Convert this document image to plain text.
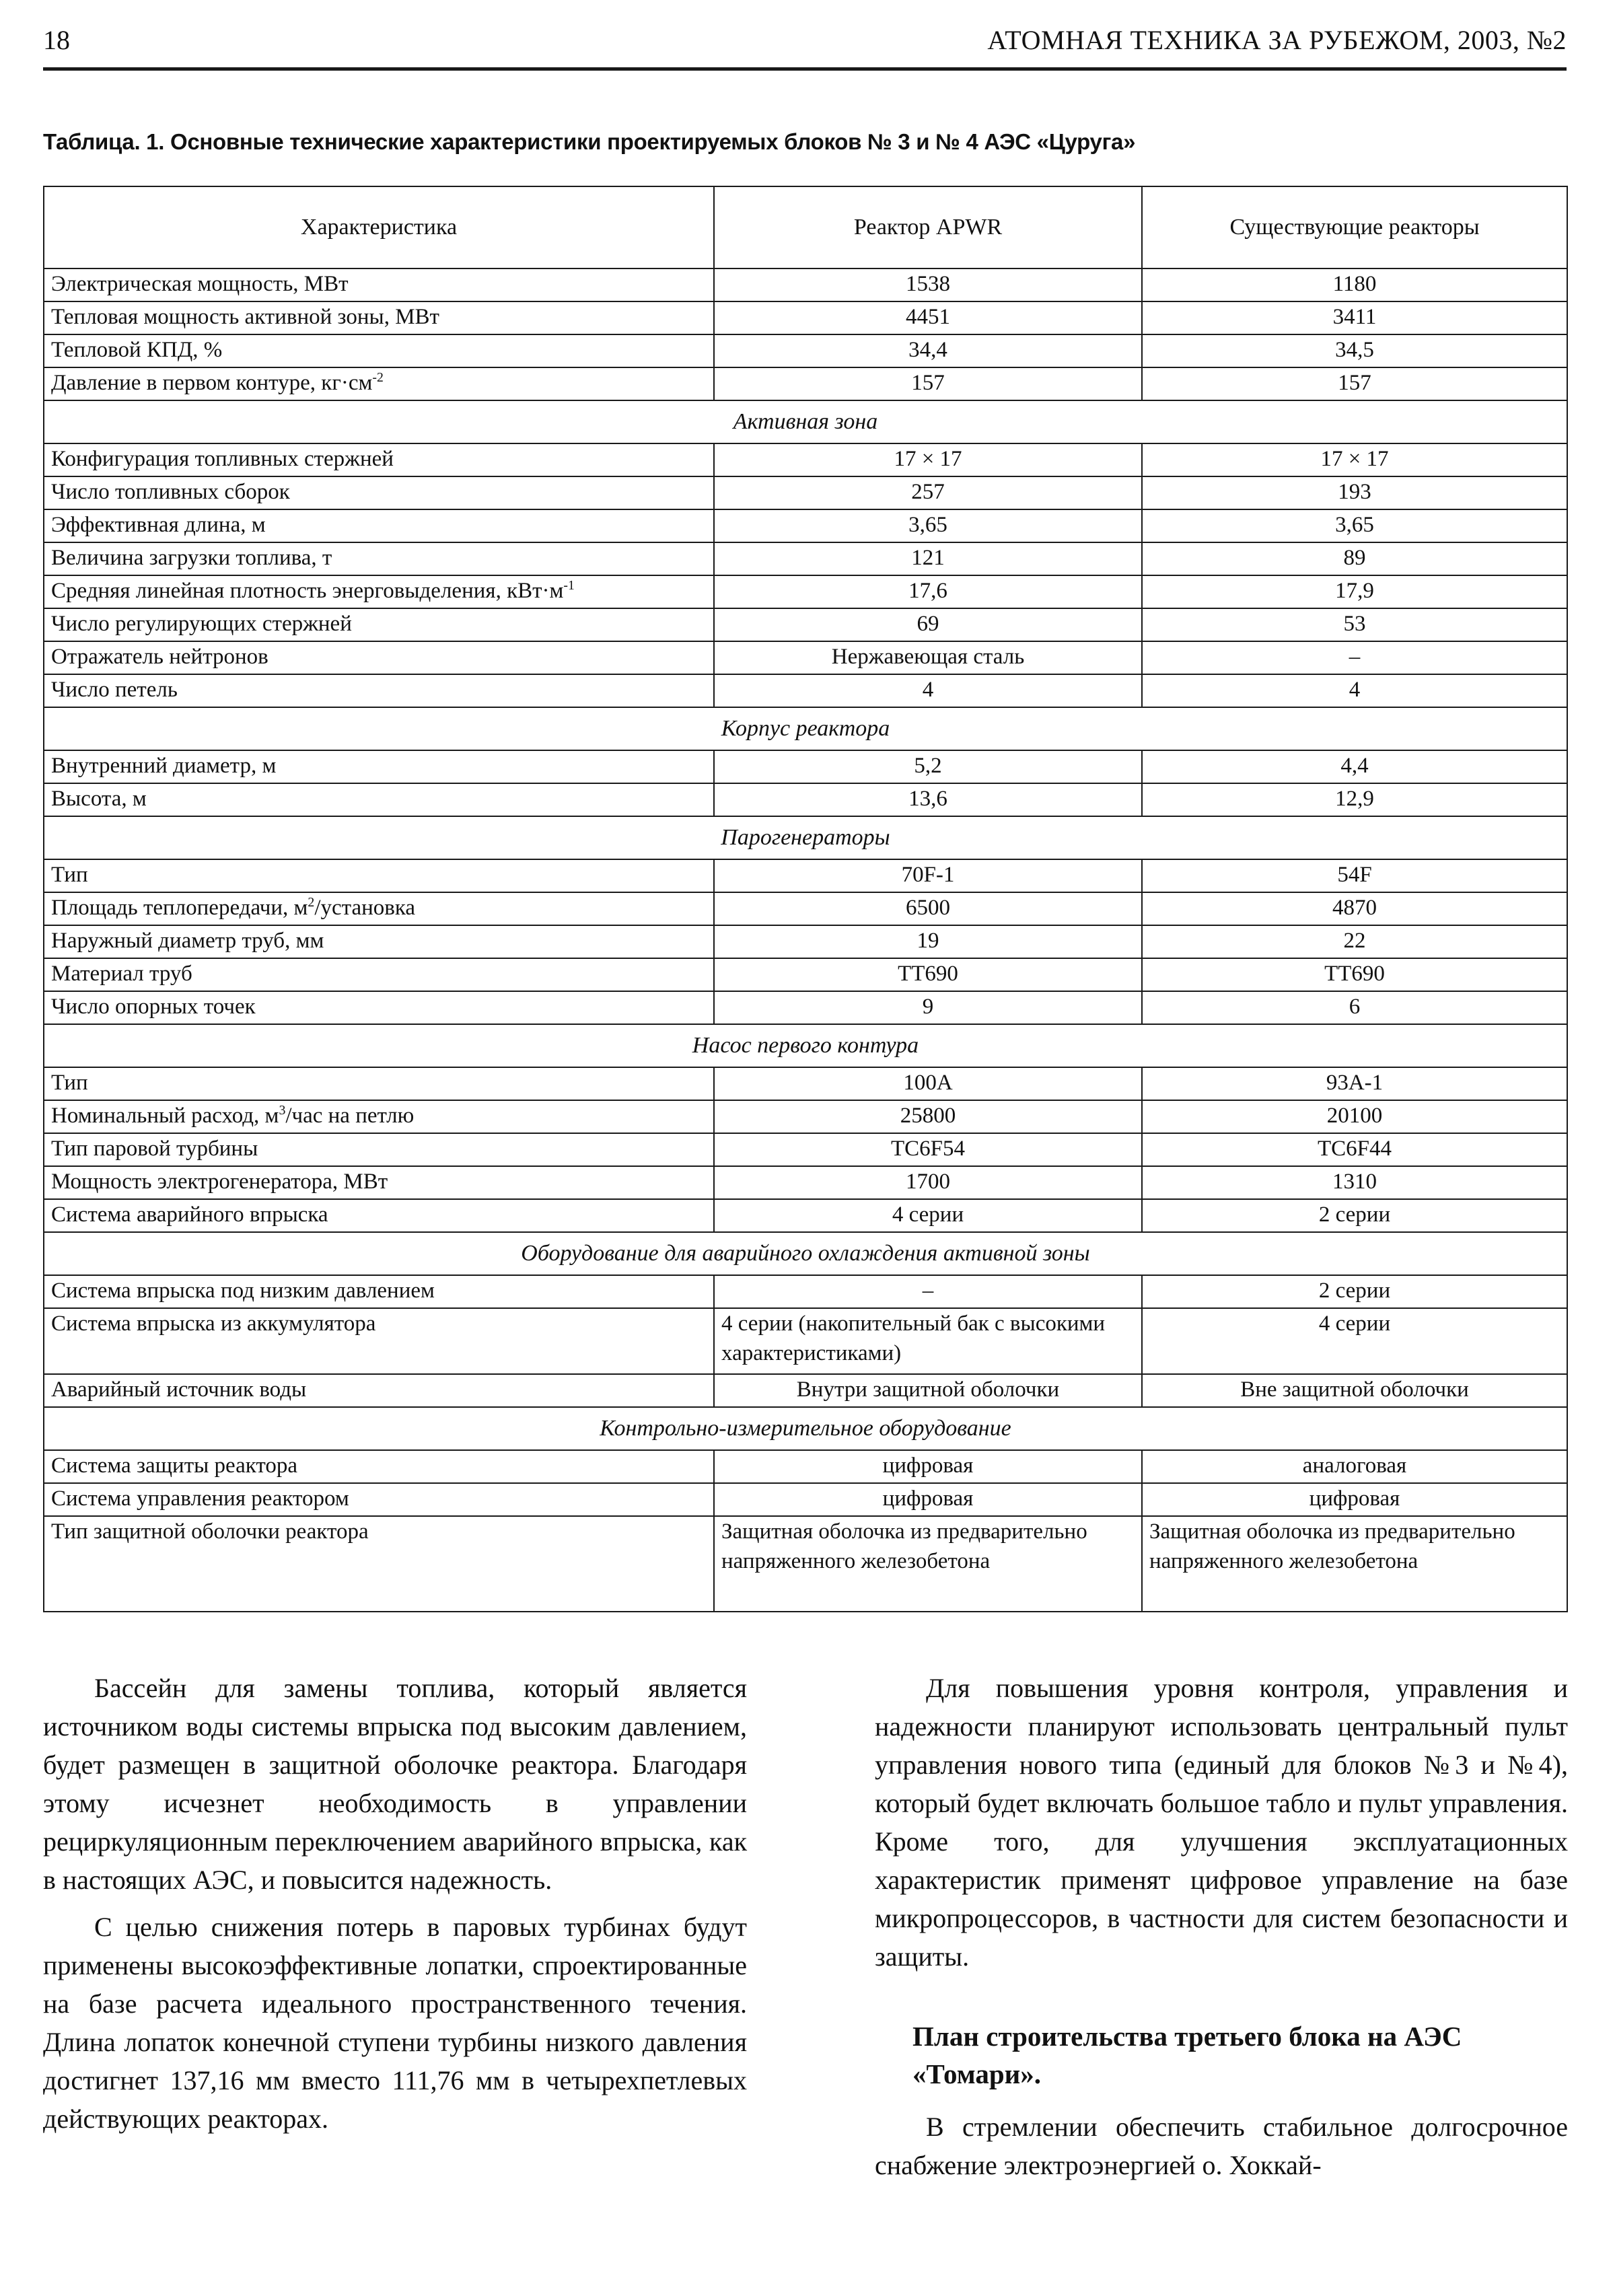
18	АТОМНАЯ ТЕХНИКА ЗА РУБЕЖОМ, 2003, №2
Таблица. 1. Основные технические характеристики проектируемых блоков № 3 и № 4 АЭС «Цуруга»
Характеристика	Реактор APWR	Существующие реакторы
Электрическая мощность, МВт	1538	1180
Тепловая мощность активной зоны, МВт	4451	3411
Тепловой КПД, %	34,4	34,5
Давление в первом контуре, $кг\cdot см^{-2}$	157	157
Активная зона		
Конфигурация топливных стержней	17 × 17	17 × 17
Число топливных сборок	257	193
Эффективная длина, м	3,65	3,65
Величина загрузки топлива, т	121	89
Средняя линейная плотность энерговыделения, $кВт\cdot м^{-1}$	17,6	17,9
Число регулирующих стержней	69	53
Отражатель нейтронов	Нержавеющая сталь	–
Число петель	4	4
Корпус реактора		
Внутренний диаметр, м	5,2	4,4
Высота, м	13,6	12,9
Парогенераторы		
Тип	70F-1	54F
Площадь теплопередачи, $м^2$/установка	6500	4870
Наружный диаметр труб, мм	19	22
Материал труб	TT690	TT690
Число опорных точек	9	6
Насос первого контура		
Тип	100A	93A-1
Номинальный расход, $м^3$/час на петлю	25800	20100
Тип паровой турбины	TC6F54	TC6F44
Мощность электрогенератора, МВт	1700	1310
Система аварийного впрыска	4 серии	2 серии
Оборудование для аварийного охлаждения активной зоны		
Система впрыска под низким давлением	–	2 серии
Система впрыска из аккумулятора	4 серии (накопительный бак с высокими характеристиками)	4 серии
Аварийный источник воды	Внутри защитной оболочки	Вне защитной оболочки
Контрольно-измерительное оборудование		
Система защиты реактора	цифровая	аналоговая
Система управления реактором	цифровая	цифровая
Тип защитной оболочки реактора	Защитная оболочка из предварительно напряженного железобетона	Защитная оболочка из предварительно напряженного железобетона

Бассейн для замены топлива, который является источником воды системы впрыска под высоким давлением, будет размещен в защитной оболочке реактора. Благодаря этому исчезнет необходимость в управлении рециркуляционным переключением аварийного впрыска, как в настоящих АЭС, и повысится надежность.

С целью снижения потерь в паровых турбинах будут применены высокоэффективные лопатки, спроектированные на базе расчета идеального пространственного течения. Длина лопаток конечной ступени турбины низкого давления достигнет 137,16 мм вместо 111,76 мм в четырехпетлевых действующих реакторах.

Для повышения уровня контроля, управления и надежности планируют использовать центральный пульт управления нового типа (единый для блоков №3 и №4), который будет включать большое табло и пульт управления. Кроме того, для улучшения эксплуатационных характеристик применят цифровое управление на базе микропроцессоров, в частности для систем безопасности и защиты.

План строительства третьего блока на АЭС «Томари».

В стремлении обеспечить стабильное долгосрочное снабжение электроэнергией о. Хоккай-
